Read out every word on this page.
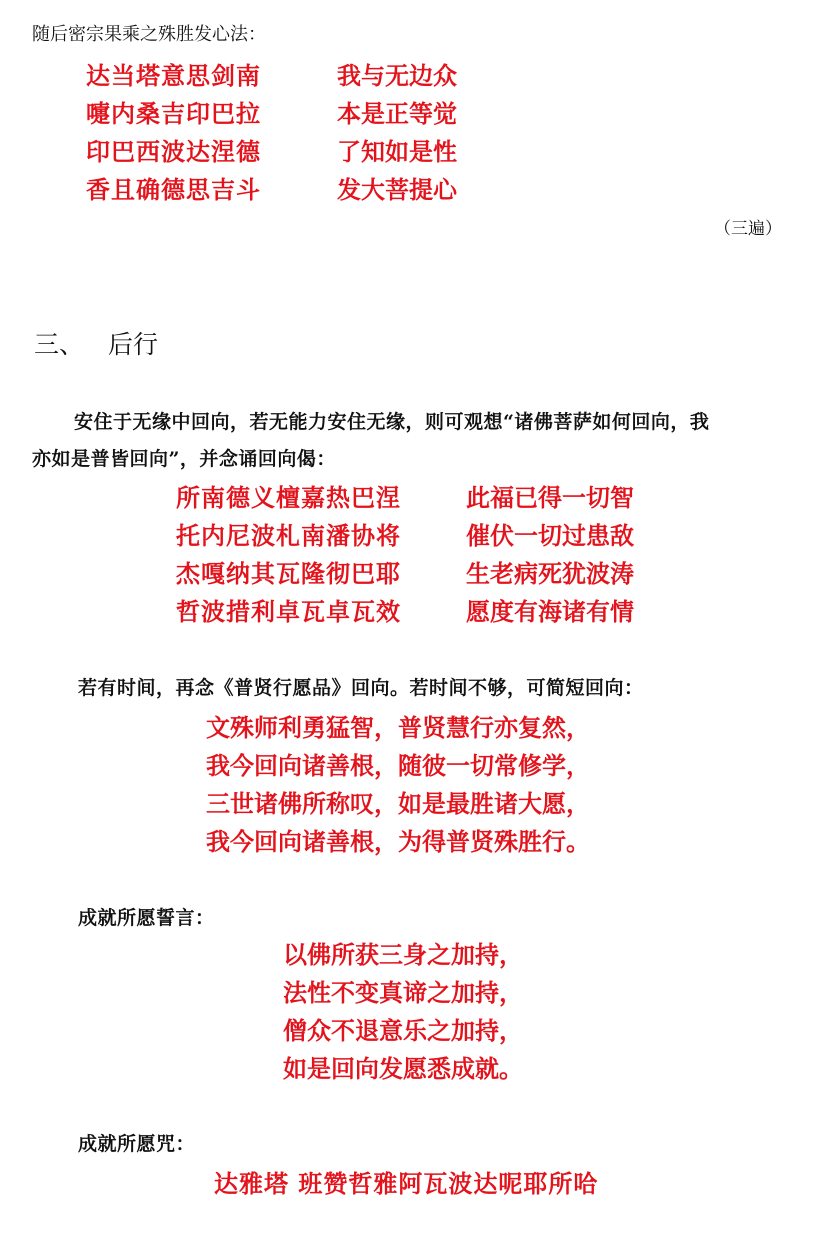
随后密宗果乘之殊胜发心法：
达当塔意思剑南
嚏内桑吉印巴拉
印巴西波达涅德
香且确德思吉斗
我与无边众
本是正等觉
了知如是性
发大菩提心
（三遍）
三、 后行
安住于无缘中回向，若无能力安住无缘，则可观想“诸佛菩萨如何回向，我
亦如是普皆回向”，并念诵回向偈：
所南德义檀嘉热巴涅
托内尼波札南潘协将
杰嘎纳其瓦隆彻巴耶
哲波措利卓瓦卓瓦效
此福已得一切智
催伏一切过患敌
生老病死犹波涛
愿度有海诸有情
若有时间，再念《普贤行愿品》回向。若时间不够，可简短回向：
文殊师利勇猛智，普贤慧行亦复然，
我今回向诸善根，随彼一切常修学，
三世诸佛所称叹，如是最胜诸大愿，
我今回向诸善根，为得普贤殊胜行。
成就所愿誓言：
以佛所获三身之加持，
法性不变真谛之加持，
僧众不退意乐之加持，
如是回向发愿悉成就。
成就所愿咒：
达雅塔 班赞哲雅阿瓦波达呢耶所哈
